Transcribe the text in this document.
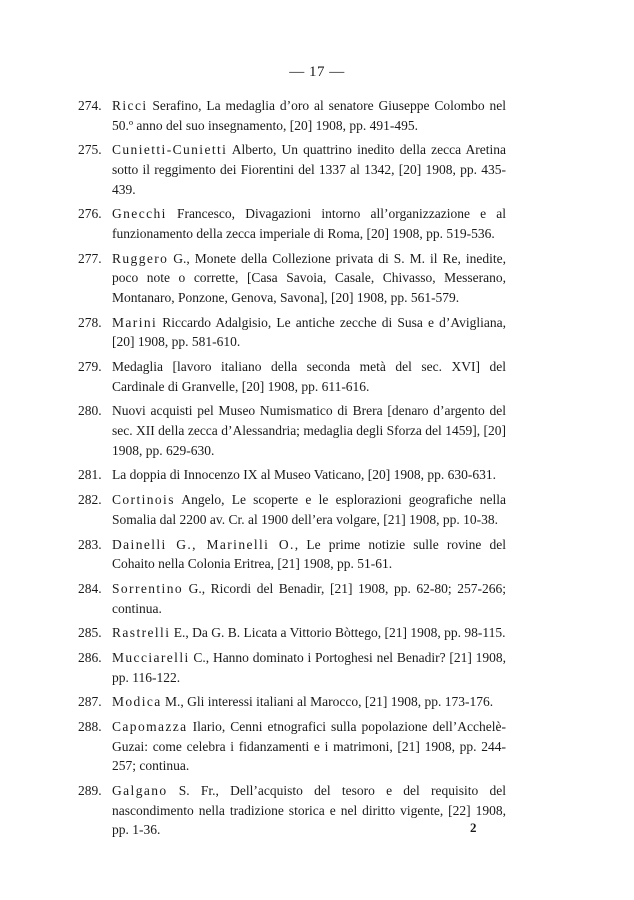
— 17 —
274. Ricci Serafino, La medaglia d’oro al senatore Giuseppe Colombo nel 50.º anno del suo insegnamento, [20] 1908, pp. 491-495.
275. Cunietti-Cunietti Alberto, Un quattrino inedito della zecca Aretina sotto il reggimento dei Fiorentini del 1337 al 1342, [20] 1908, pp. 435-439.
276. Gnecchi Francesco, Divagazioni intorno all’organizzazione e al funzionamento della zecca imperiale di Roma, [20] 1908, pp. 519-536.
277. Ruggero G., Monete della Collezione privata di S. M. il Re, inedite, poco note o corrette, [Casa Savoia, Casale, Chivasso, Messerano, Montanaro, Ponzone, Genova, Savona], [20] 1908, pp. 561-579.
278. Marini Riccardo Adalgisio, Le antiche zecche di Susa e d’Avigliana, [20] 1908, pp. 581-610.
279. Medaglia [lavoro italiano della seconda metà del sec. XVI] del Cardinale di Granvelle, [20] 1908, pp. 611-616.
280. Nuovi acquisti pel Museo Numismatico di Brera [denaro d’argento del sec. XII della zecca d’Alessandria; medaglia degli Sforza del 1459], [20] 1908, pp. 629-630.
281. La doppia di Innocenzo IX al Museo Vaticano, [20] 1908, pp. 630-631.
282. Cortinois Angelo, Le scoperte e le esplorazioni geografiche nella Somalia dal 2200 av. Cr. al 1900 dell’era volgare, [21] 1908, pp. 10-38.
283. Dainelli G., Marinelli O., Le prime notizie sulle rovine del Cohaito nella Colonia Eritrea, [21] 1908, pp. 51-61.
284. Sorrentino G., Ricordi del Benadir, [21] 1908, pp. 62-80; 257-266; continua.
285. Rastrelli E., Da G. B. Licata a Vittorio Bòttego, [21] 1908, pp. 98-115.
286. Mucciarelli C., Hanno dominato i Portoghesi nel Benadir? [21] 1908, pp. 116-122.
287. Modica M., Gli interessi italiani al Marocco, [21] 1908, pp. 173-176.
288. Capomazza Ilario, Cenni etnografici sulla popolazione dell’Acchelè-Guzai: come celebra i fidanzamenti e i matrimoni, [21] 1908, pp. 244-257; continua.
289. Galgano S. Fr., Dell’acquisto del tesoro e del requisito del nascondimento nella tradizione storica e nel diritto vigente, [22] 1908, pp. 1-36.	2
